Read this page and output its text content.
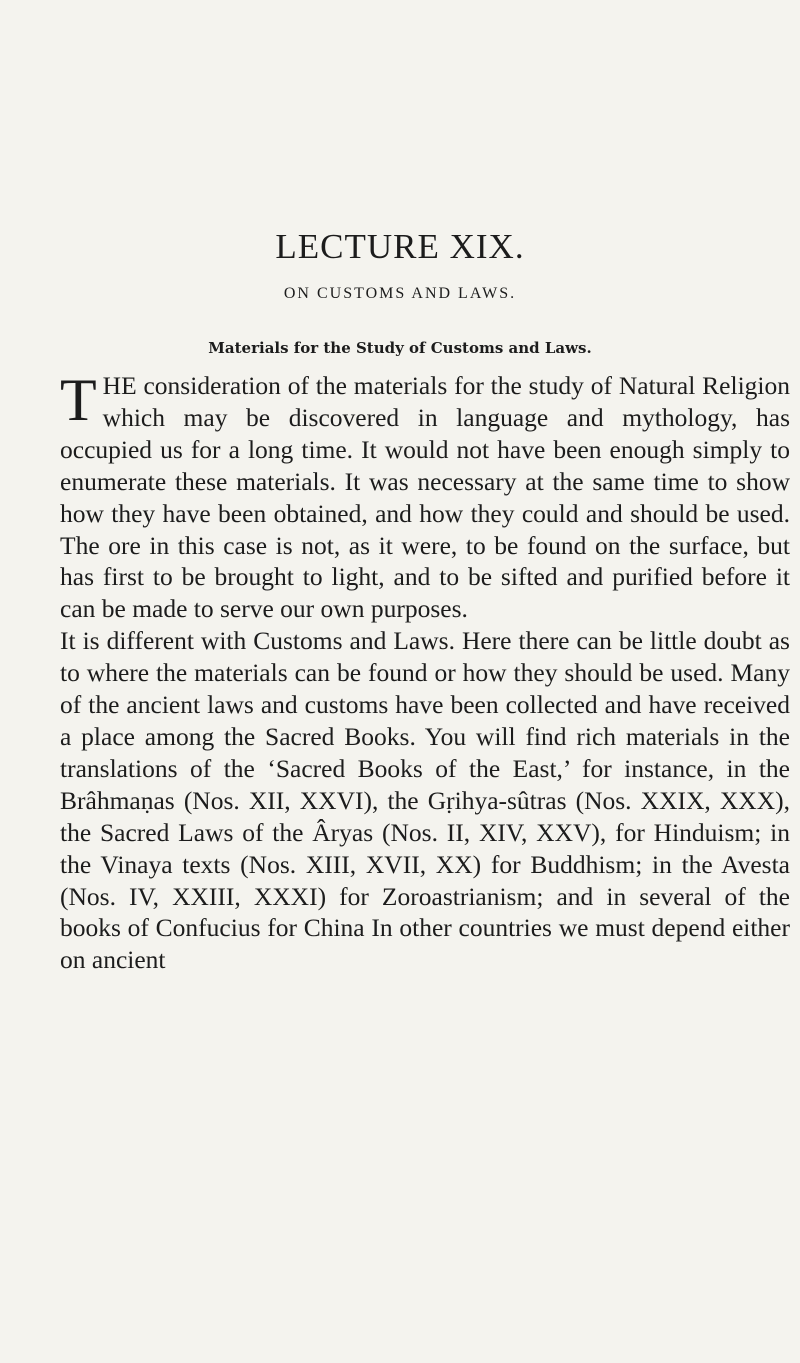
LECTURE XIX.
ON CUSTOMS AND LAWS.
Materials for the Study of Customs and Laws.

THE consideration of the materials for the study of Natural Religion which may be discovered in language and mythology, has occupied us for a long time. It would not have been enough simply to enumerate these materials. It was necessary at the same time to show how they have been obtained, and how they could and should be used. The ore in this case is not, as it were, to be found on the surface, but has first to be brought to light, and to be sifted and purified before it can be made to serve our own purposes.

It is different with Customs and Laws. Here there can be little doubt as to where the materials can be found or how they should be used. Many of the ancient laws and customs have been collected and have received a place among the Sacred Books. You will find rich materials in the translations of the ‘Sacred Books of the East,’ for instance, in the Brâhmaṇas (Nos. XII, XXVI), the Gṛihya-sûtras (Nos. XXIX, XXX), the Sacred Laws of the Âryas (Nos. II, XIV, XXV), for Hinduism; in the Vinaya texts (Nos. XIII, XVII, XX) for Buddhism; in the Avesta (Nos. IV, XXIII, XXXI) for Zoroastrianism; and in several of the books of Confucius for China In other countries we must depend either on ancient
